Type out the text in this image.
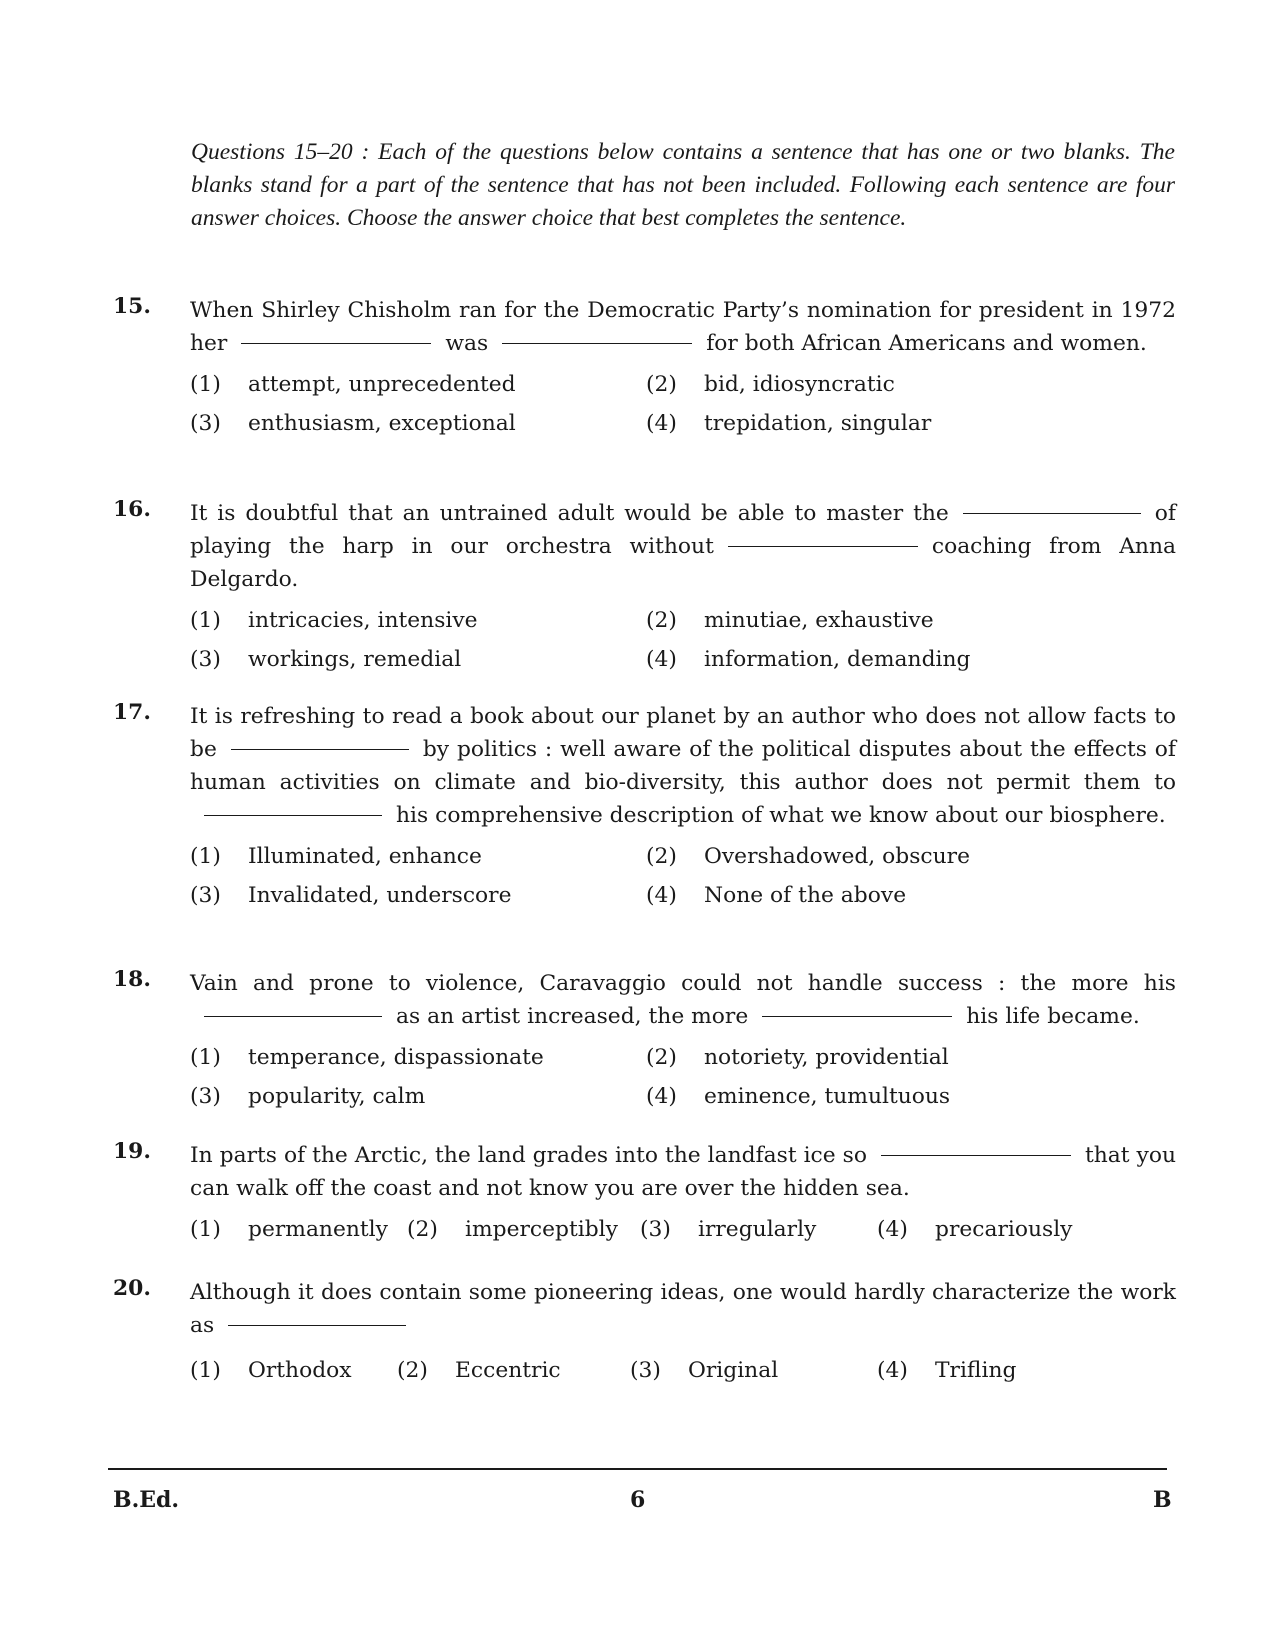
Questions 15–20 : Each of the questions below contains a sentence that has one or two blanks. The blanks stand for a part of the sentence that has not been included. Following each sentence are four answer choices. Choose the answer choice that best completes the sentence.
15. When Shirley Chisholm ran for the Democratic Party’s nomination for president in 1972 her	was	for both African Americans and women.
(1)	attempt, unprecedented	(2)	bid, idiosyncratic
(3)	enthusiasm, exceptional	(4)	trepidation, singular
16. It is doubtful that an untrained adult would be able to master the	of playing the harp in our orchestra without	coaching from Anna Delgardo.
(1)	intricacies, intensive	(2)	minutiae, exhaustive
(3)	workings, remedial	(4)	information, demanding
17. It is refreshing to read a book about our planet by an author who does not allow facts to be	by politics : well aware of the political disputes about the effects of human activities on climate and bio-diversity, this author does not permit them tohis comprehensive description of what we know about our biosphere.
(1)	Illuminated, enhance	(2)	Overshadowed, obscure
(3)	Invalidated, underscore	(4)	None of the above
18. Vain and prone to violence, Caravaggio could not handle success : the more hisas an artist increased, the more	his life became.
(1)	temperance, dispassionate	(2)	notoriety, providential
(3)	popularity, calm	(4)	eminence, tumultuous
19. In parts of the Arctic, the land grades into the landfast ice so	that you can walk off the coast and not know you are over the hidden sea.
(1)	permanently (2)	imperceptibly (3)	irregularly	(4)	precariously
20. Although it does contain some pioneering ideas, one would hardly characterize the work as
(1)	Orthodox (2)	Eccentric	(3)	Original	(4)	Trifling
B.Ed.	6	B
